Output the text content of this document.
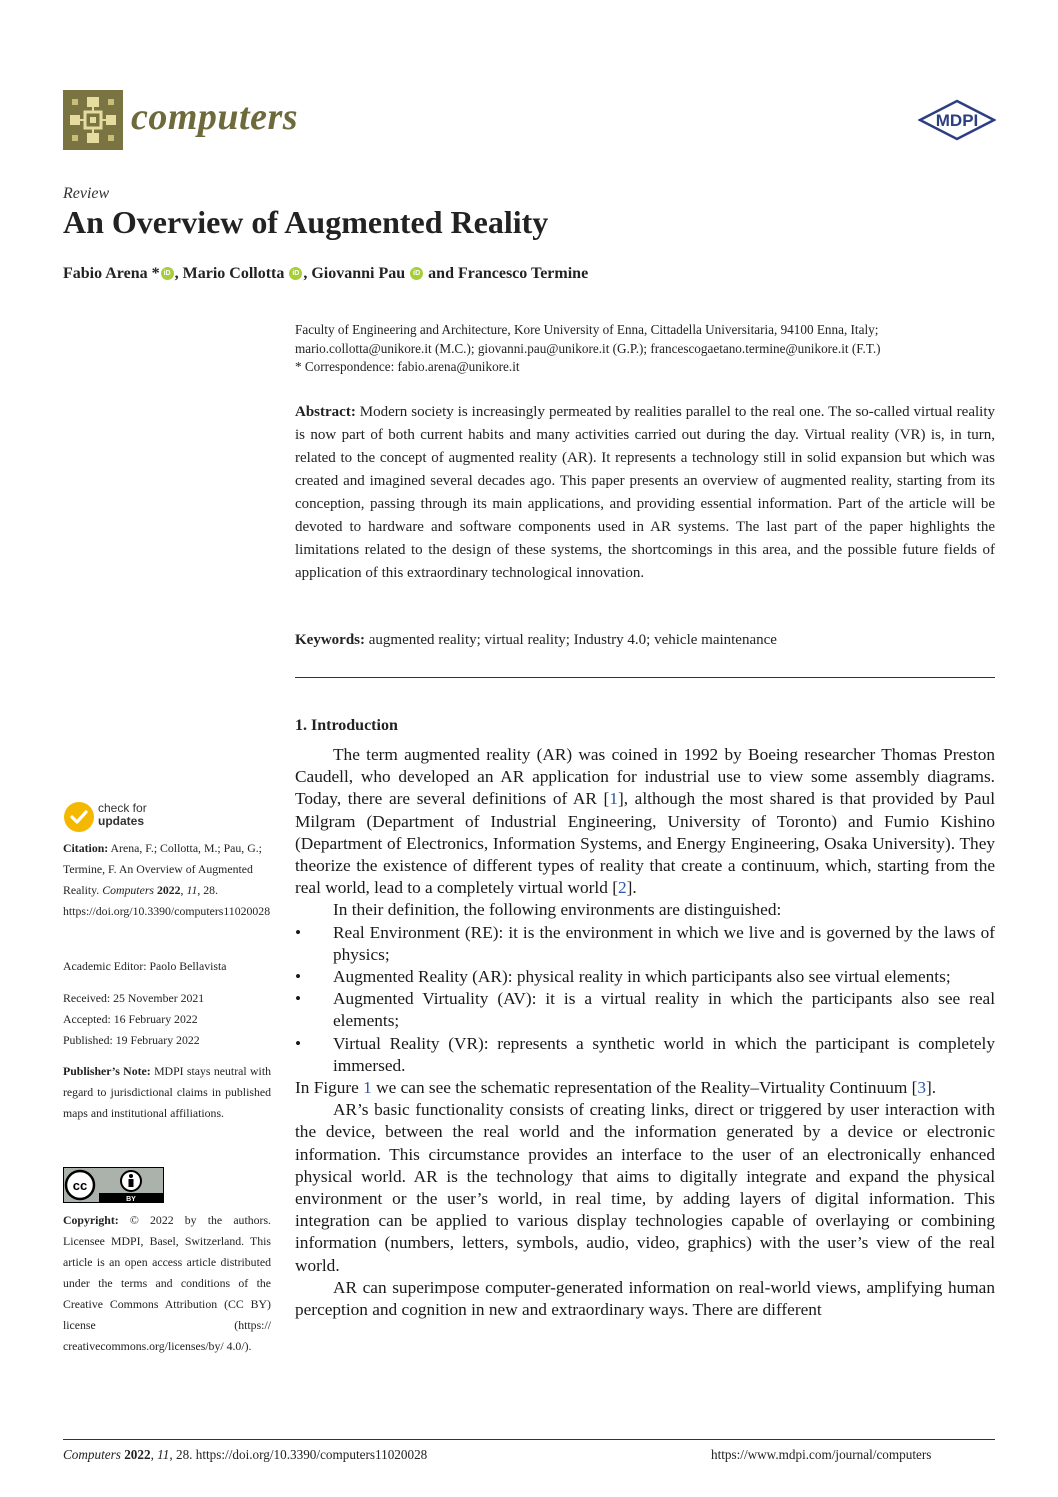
computers	MDPI
Review
An Overview of Augmented Reality
Fabio Arena * iD , Mario Collotta iD , Giovanni Pau iD and Francesco Termine
Faculty of Engineering and Architecture, Kore University of Enna, Cittadella Universitaria, 94100 Enna, Italy;
mario.collotta@unikore.it (M.C.); giovanni.pau@unikore.it (G.P.); francescogaetano.termine@unikore.it (F.T.)
* Correspondence: fabio.arena@unikore.it
Abstract: Modern society is increasingly permeated by realities parallel to the real one. The so-called virtual reality is now part of both current habits and many activities carried out during the day. Virtual reality (VR) is, in turn, related to the concept of augmented reality (AR). It represents a technology still in solid expansion but which was created and imagined several decades ago. This paper presents an overview of augmented reality, starting from its conception, passing through its main applications, and providing essential information. Part of the article will be devoted to hardware and software components used in AR systems. The last part of the paper highlights the limitations related to the design of these systems, the shortcomings in this area, and the possible future fields of application of this extraordinary technological innovation.
Keywords: augmented reality; virtual reality; Industry 4.0; vehicle maintenance
1. Introduction

The term augmented reality (AR) was coined in 1992 by Boeing researcher Thomas Preston Caudell, who developed an AR application for industrial use to view some assembly diagrams. Today, there are several definitions of AR [1], although the most shared is that provided by Paul Milgram (Department of Industrial Engineering, University of Toronto) and Fumio Kishino (Department of Electronics, Information Systems, and Energy Engineering, Osaka University). They theorize the existence of different types of reality that create a continuum, which, starting from the real world, lead to a completely virtual world [2].

In their definition, the following environments are distinguished:

• Real Environment (RE): it is the environment in which we live and is governed by the laws of physics;
• Augmented Reality (AR): physical reality in which participants also see virtual elements;
• Augmented Virtuality (AV): it is a virtual reality in which the participants also see real elements;
• Virtual Reality (VR): represents a synthetic world in which the participant is completely immersed.

In Figure 1 we can see the schematic representation of the Reality–Virtuality Continuum [3].

AR’s basic functionality consists of creating links, direct or triggered by user interaction with the device, between the real world and the information generated by a device or electronic information. This circumstance provides an interface to the user of an electronically enhanced physical world. AR is the technology that aims to digitally integrate and expand the physical environment or the user’s world, in real time, by adding layers of digital information. This integration can be applied to various display technologies capable of overlaying or combining information (numbers, letters, symbols, audio, video, graphics) with the user’s view of the real world.

AR can superimpose computer-generated information on real-world views, amplifying human perception and cognition in new and extraordinary ways. There are different

check for
updates
Citation: Arena, F.; Collotta, M.; Pau, G.; Termine, F. An Overview of Augmented Reality. Computers 2022, 11, 28. https://doi.org/10.3390/computers11020028
Academic Editor: Paolo Bellavista
Received: 25 November 2021
Accepted: 16 February 2022
Published: 19 February 2022
Publisher’s Note: MDPI stays neutral with regard to jurisdictional claims in published maps and institutional affiliations.
cc
BY
Copyright: © 2022 by the authors. Licensee MDPI, Basel, Switzerland. This article is an open access article distributed under the terms and conditions of the Creative Commons Attribution (CC BY) license (https:// creativecommons.org/licenses/by/ 4.0/).
Computers 2022, 11, 28. https://doi.org/10.3390/computers11020028	https://www.mdpi.com/journal/computers
